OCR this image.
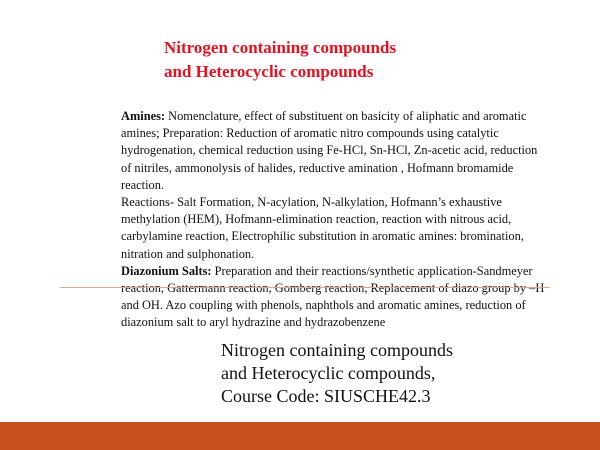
Nitrogen containing compounds
and Heterocyclic compounds

Amines: Nomenclature, effect of substituent on basicity of aliphatic and aromatic amines; Preparation: Reduction of aromatic nitro compounds using catalytic hydrogenation, chemical reduction using Fe-HCl, Sn-HCl, Zn-acetic acid, reduction of nitriles, ammonolysis of halides, reductive amination , Hofmann bromamide reaction.

Reactions- Salt Formation, N-acylation, N-alkylation, Hofmann’s exhaustive methylation (HEM), Hofmann-elimination reaction, reaction with nitrous acid, carbylamine reaction, Electrophilic substitution in aromatic amines: bromination, nitration and sulphonation.

Diazonium Salts: Preparation and their reactions/synthetic application-Sandmeyer reaction, Gattermann reaction, Gomberg reaction, Replacement of diazo group by –H and OH. Azo coupling with phenols, naphthols and aromatic amines, reduction of diazonium salt to aryl hydrazine and hydrazobenzene

Nitrogen containing compounds
and Heterocyclic compounds,
Course Code: SIUSCHE42.3
